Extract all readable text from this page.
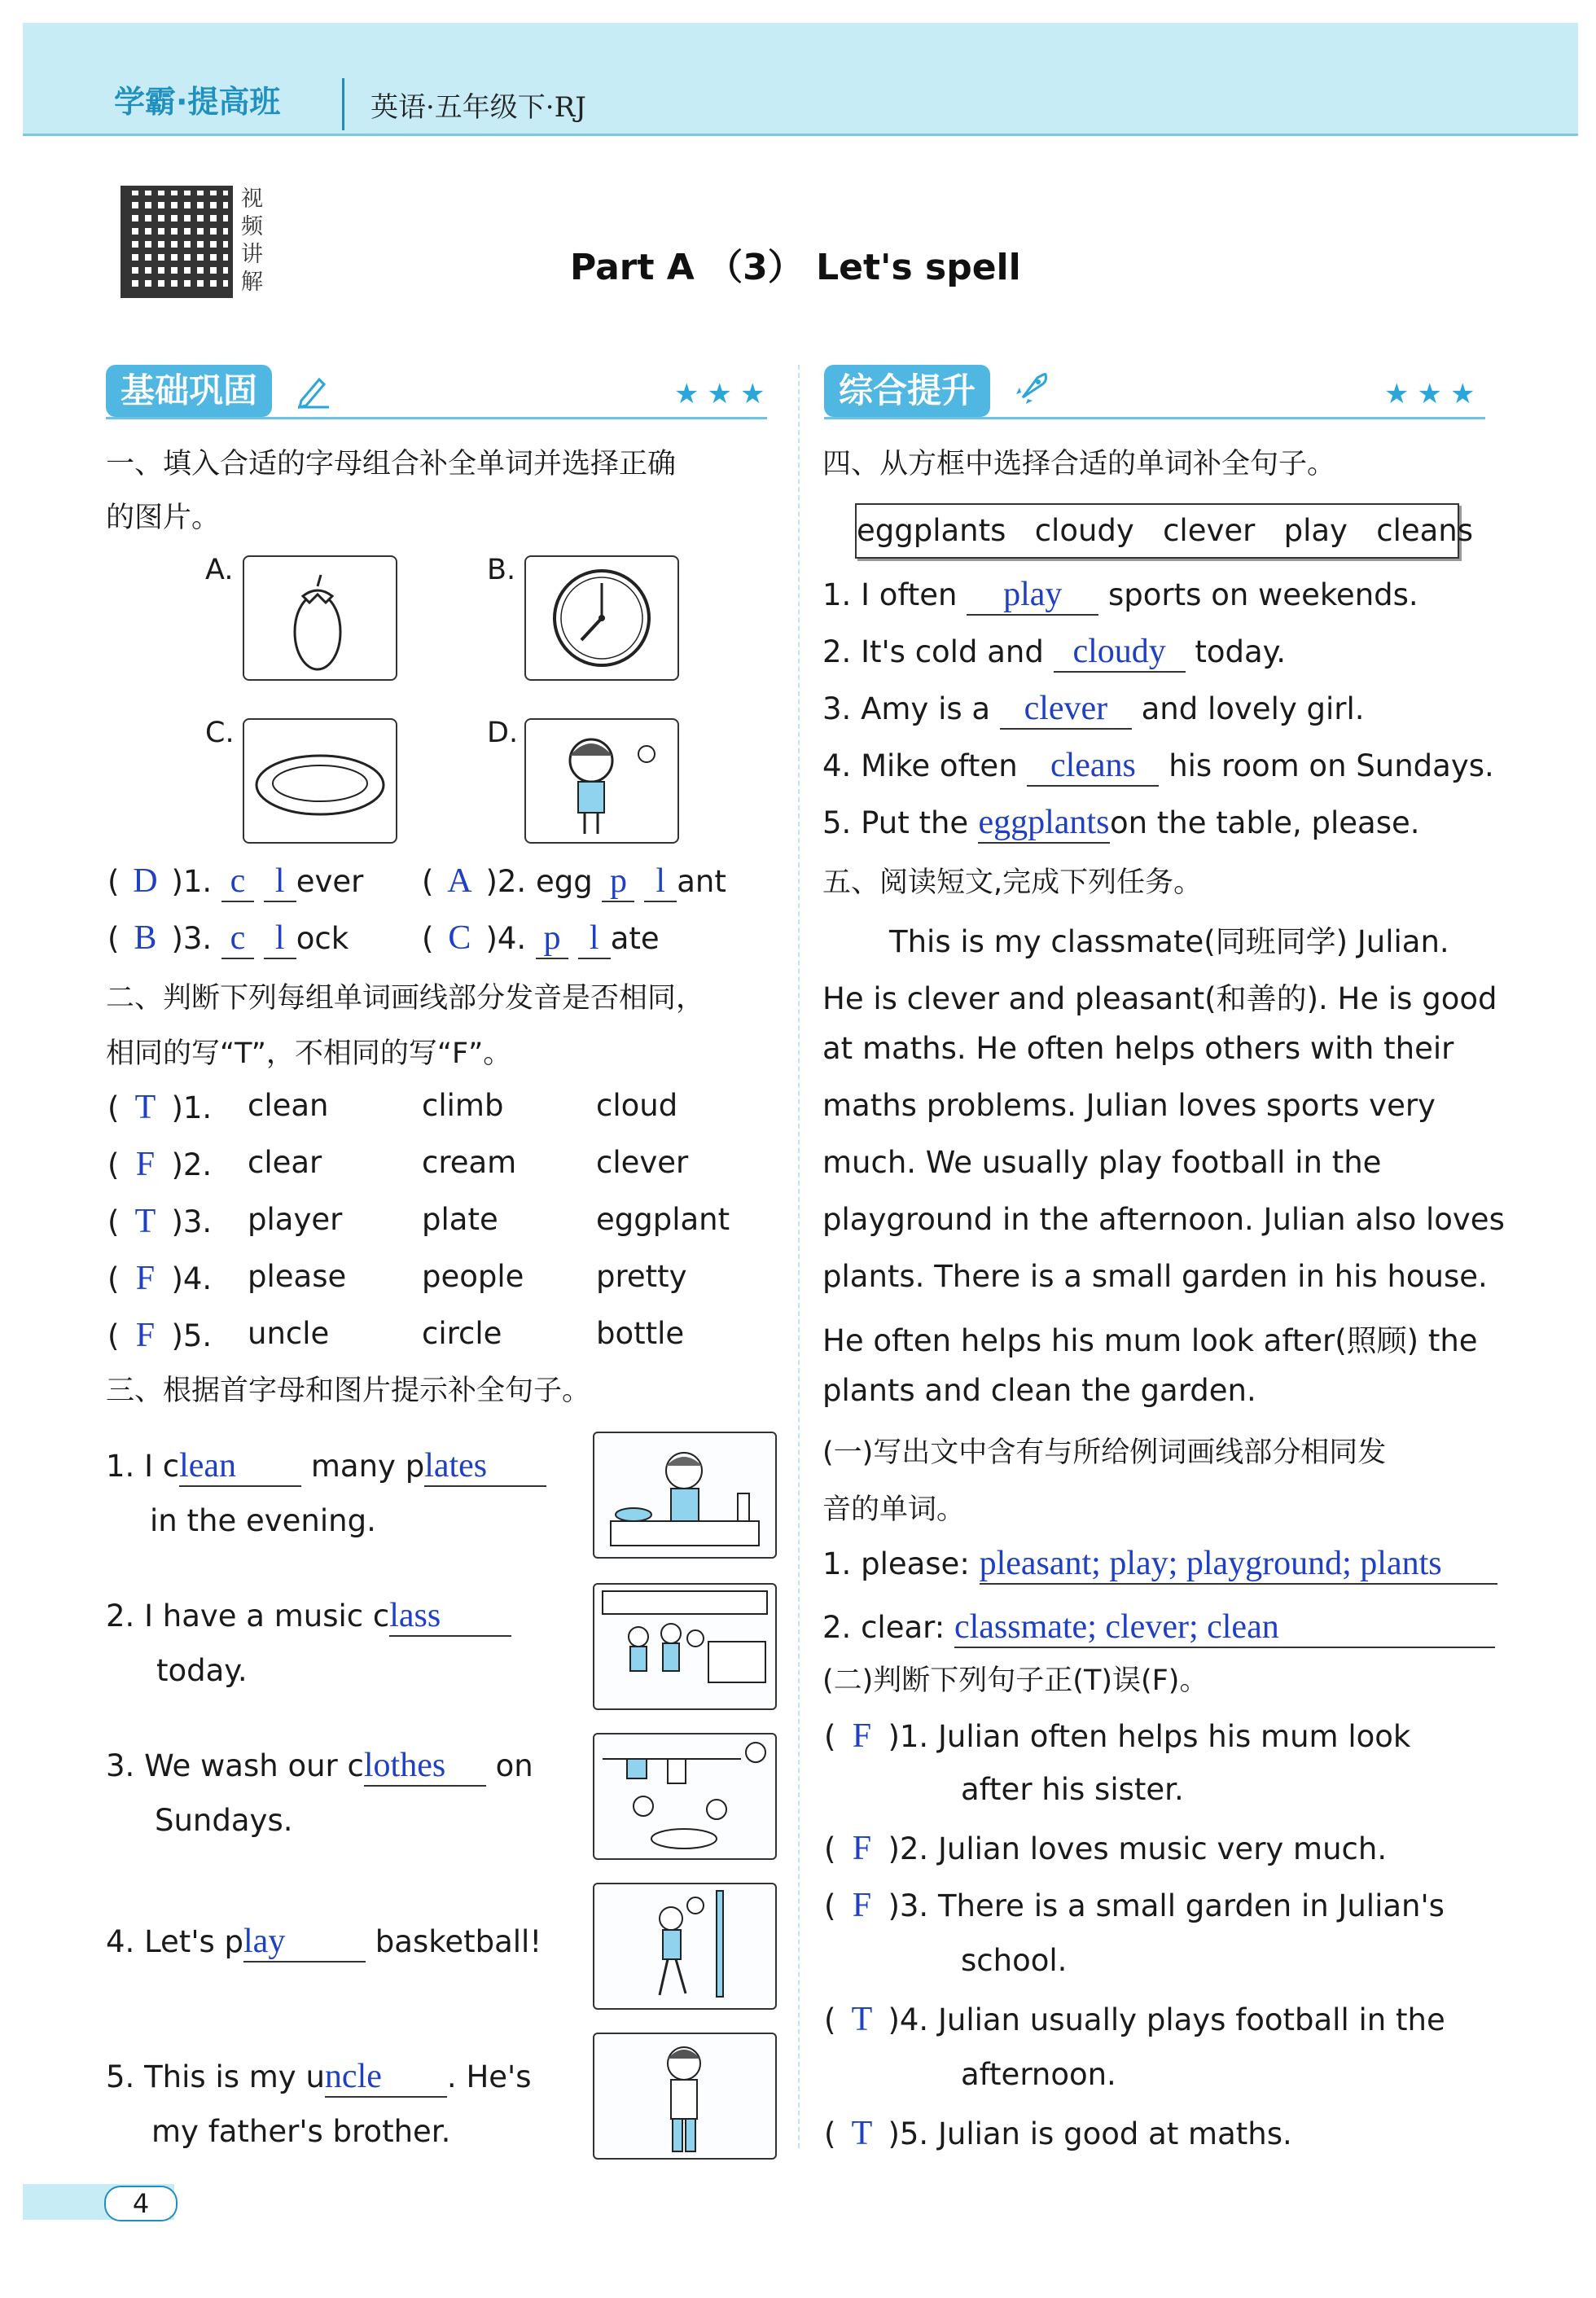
学霸·提高班	英语·五年级下·RJ
视频讲解	Part A （3） Let's spell
基础巩固	★★★
一、填入合适的字母组合补全单词并选择正确
的图片。
A.	B.
C.	D.
( D )1. c l ever ( A )2. egg p l ant
( B )3. c l ock ( C )4. p l ate
二、判断下列每组单词画线部分发音是否相同，
相同的写“T”，不相同的写“F”。
( T )1. clean	climb	cloud
( F )2. clear	cream	clever
( T )3. player	plate	eggplant
( F )4. please	people pretty
( F )5. uncle	circle	bottle
三、根据首字母和图片提示补全句子。
1. I clean many plates
in the evening.
2. I have a music class
today.
3. We wash our clothes on
Sundays.
4. Let's play	basketball!
5. This is my uncle . He's
my father's brother.
综合提升	★★★
四、从方框中选择合适的单词补全句子。
eggplants   cloudy   clever   play   cleans
1. I often play sports on weekends.
2. It's cold and cloudy today.
3. Amy is a clever and lovely girl.
4. Mike often cleans his room on Sundays.
5. Put the eggplantson the table, please.
五、阅读短文,完成下列任务。
This is my classmate(同班同学) Julian.
He is clever and pleasant(和善的). He is good
at maths. He often helps others with their
maths problems. Julian loves sports very
much. We usually play football in the
playground in the afternoon. Julian also loves
plants. There is a small garden in his house.
He often helps his mum look after(照顾) the
plants and clean the garden.
(一)写出文中含有与所给例词画线部分相同发
音的单词。
1. please: pleasant; play; playground; plants
2. clear: classmate; clever; clean
(二)判断下列句子正(T)误(F)。
( F )1. Julian often helps his mum look
after his sister.
( F )2. Julian loves music very much.
( F )3. There is a small garden in Julian's
school.
( T )4. Julian usually plays football in the
afternoon.
( T )5. Julian is good at maths.
4
